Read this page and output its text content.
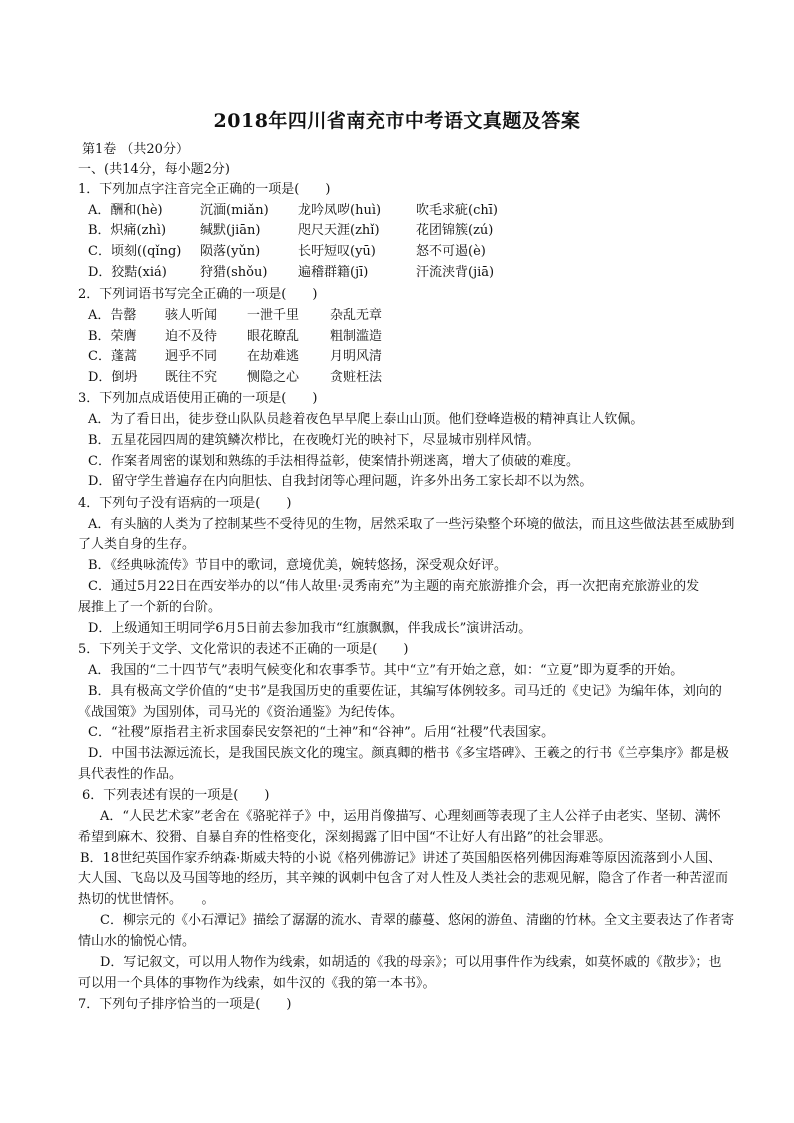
2018年四川省南充市中考语文真题及答案
第1卷 （共20分）
一、(共14分，每小题2分)
1．下列加点字注音完全正确的一项是(　　)
A．酬和(hè)	沉湎(miǎn) 龙吟凤哕(huì)	吹毛求疵(chī)
B．炽痛(zhì)	缄默(jiān)	咫尺天涯(zhǐ)	花团锦簇(zú)
C．顷刻((qǐng) 陨落(yǔn)	长吁短叹(yū)	怒不可遏(è)
D．狡黠(xiá)	狩猎(shǒu) 遍稽群籍(jī)	汗流浃背(jiā)
2．下列词语书写完全正确的一项是(　　)
A．告罄 骇人听闻 一泄千里 杂乱无章
B．荣膺 迫不及待 眼花瞭乱 粗制滥造
C．蓬蒿 迥乎不同 在劫难逃 月明风清
D．倒坍 既往不究 恻隐之心 贪赃枉法
3．下列加点成语使用正确的一项是(　　)
A．为了看日出，徒步登山队队员趁着夜色早早爬上泰山山顶。他们登峰造极的精神真让人钦佩。
B．五星花园四周的建筑鳞次栉比，在夜晚灯光的映衬下，尽显城市别样风情。
C．作案者周密的谋划和熟练的手法相得益彰，使案情扑朔迷离，增大了侦破的难度。
D．留守学生普遍存在内向胆怯、自我封闭等心理问题，许多外出务工家长却不以为然。
4．下列句子没有语病的一项是(　　)
A．有头脑的人类为了控制某些不受待见的生物，居然采取了一些污染整个环境的做法，而且这些做法甚至威胁到
了人类自身的生存。
B．《经典咏流传》节目中的歌词，意境优美，婉转悠扬，深受观众好评。
C．通过5月22日在西安举办的以“伟人故里·灵秀南充”为主题的南充旅游推介会，再一次把南充旅游业的发
展推上了一个新的台阶。
D．上级通知王明同学6月5日前去参加我市“红旗飘飘，伴我成长”演讲活动。
5．下列关于文学、文化常识的表述不正确的一项是(　　)
A．我国的“二十四节气”表明气候变化和农事季节。其中“立”有开始之意，如：“立夏”即为夏季的开始。
B．具有极高文学价值的“史书”是我国历史的重要佐证，其编写体例较多。司马迁的《史记》为编年体，刘向的
《战国策》为国别体，司马光的《资治通鉴》为纪传体。
C．“社稷”原指君主祈求国泰民安祭祀的“土神”和“谷神”。后用“社稷”代表国家。
D．中国书法源远流长，是我国民族文化的瑰宝。颜真卿的楷书《多宝塔碑》、王羲之的行书《兰亭集序》都是极
具代表性的作品。
6．下列表述有误的一项是(　　)
A．“人民艺术家”老舍在《骆驼祥子》中，运用肖像描写、心理刻画等表现了主人公祥子由老实、坚韧、满怀
希望到麻木、狡猾、自暴自弃的性格变化，深刻揭露了旧中国“不让好人有出路”的社会罪恶。
B．18世纪英国作家乔纳森·斯威夫特的小说《格列佛游记》讲述了英国船医格列佛因海难等原因流落到小人国、
大人国、飞岛以及马国等地的经历，其辛辣的讽刺中包含了对人性及人类社会的悲观见解，隐含了作者一种苦涩而
热切的忧世情怀。　　。
C．柳宗元的《小石潭记》描绘了潺潺的流水、青翠的藤蔓、悠闲的游鱼、清幽的竹林。全文主要表达了作者寄
情山水的愉悦心情。
D．写记叙文，可以用人物作为线索，如胡适的《我的母亲》；可以用事件作为线索，如莫怀戚的《散步》；也
可以用一个具体的事物作为线索，如牛汉的《我的第一本书》。
7．下列句子排序恰当的一项是(　　)
